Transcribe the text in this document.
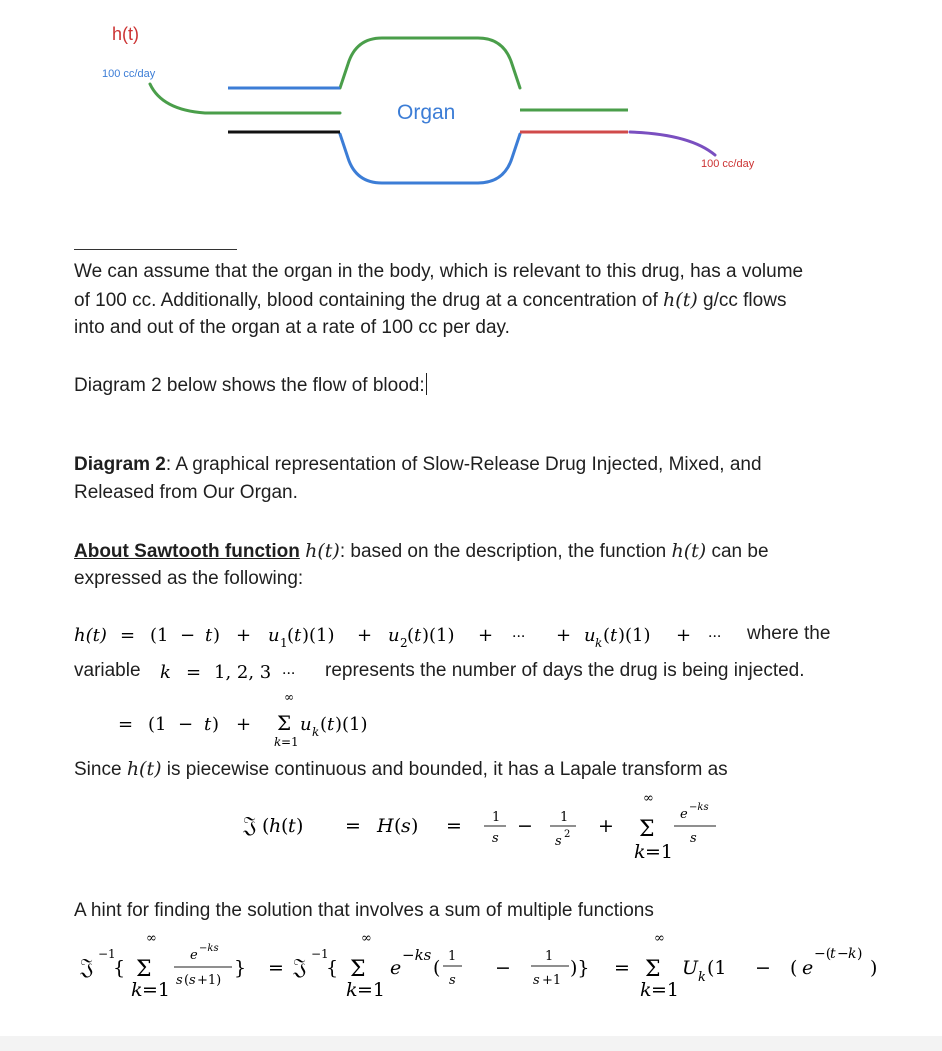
h(t)
100 cc/day
Organ
100 cc/day
We can assume that the organ in the body, which is relevant to this drug, has a volume
of 100 cc. Additionally, blood containing the drug at a concentration of h(t) g/cc flows
into and out of the organ at a rate of 100 cc per day.
Diagram 2 below shows the flow of blood:
Diagram 2: A graphical representation of Slow-Release Drug Injected, Mixed, and
Released from Our Organ.
About Sawtooth function h(t): based on the description, the function h(t) can be
expressed as the following:
h(t) = (1 − t ) + u 1 ( t )(1) + u 2 ( t )(1) + ··· + u k ( t )(1) + ···
k = 1, 2, 3 ···
= (1 − t ) +
∞
Σ
k =1
u k ( t )(1)
where the
variable	represents the number of days the drug is being injected.
Since h(t) is piecewise continuous and bounded, it has a Lapale transform as
𝔍 ( h ( t ) = H ( s ) = 1
s
− 1
s 2 +
∞
Σ
k =1
e −ks
s
A hint for finding the solution that involves a sum of multiple functions
𝔍
−1
{
∞
Σ
k =1
e −ks
s ( s +1)
} = 𝔍
−1
{
∞
Σ
k =1
e
−ks
(
1
s
−
1
s +1
)} =
∞
Σ
k =1
U k (1 − ( e
−(
t − k )
)
